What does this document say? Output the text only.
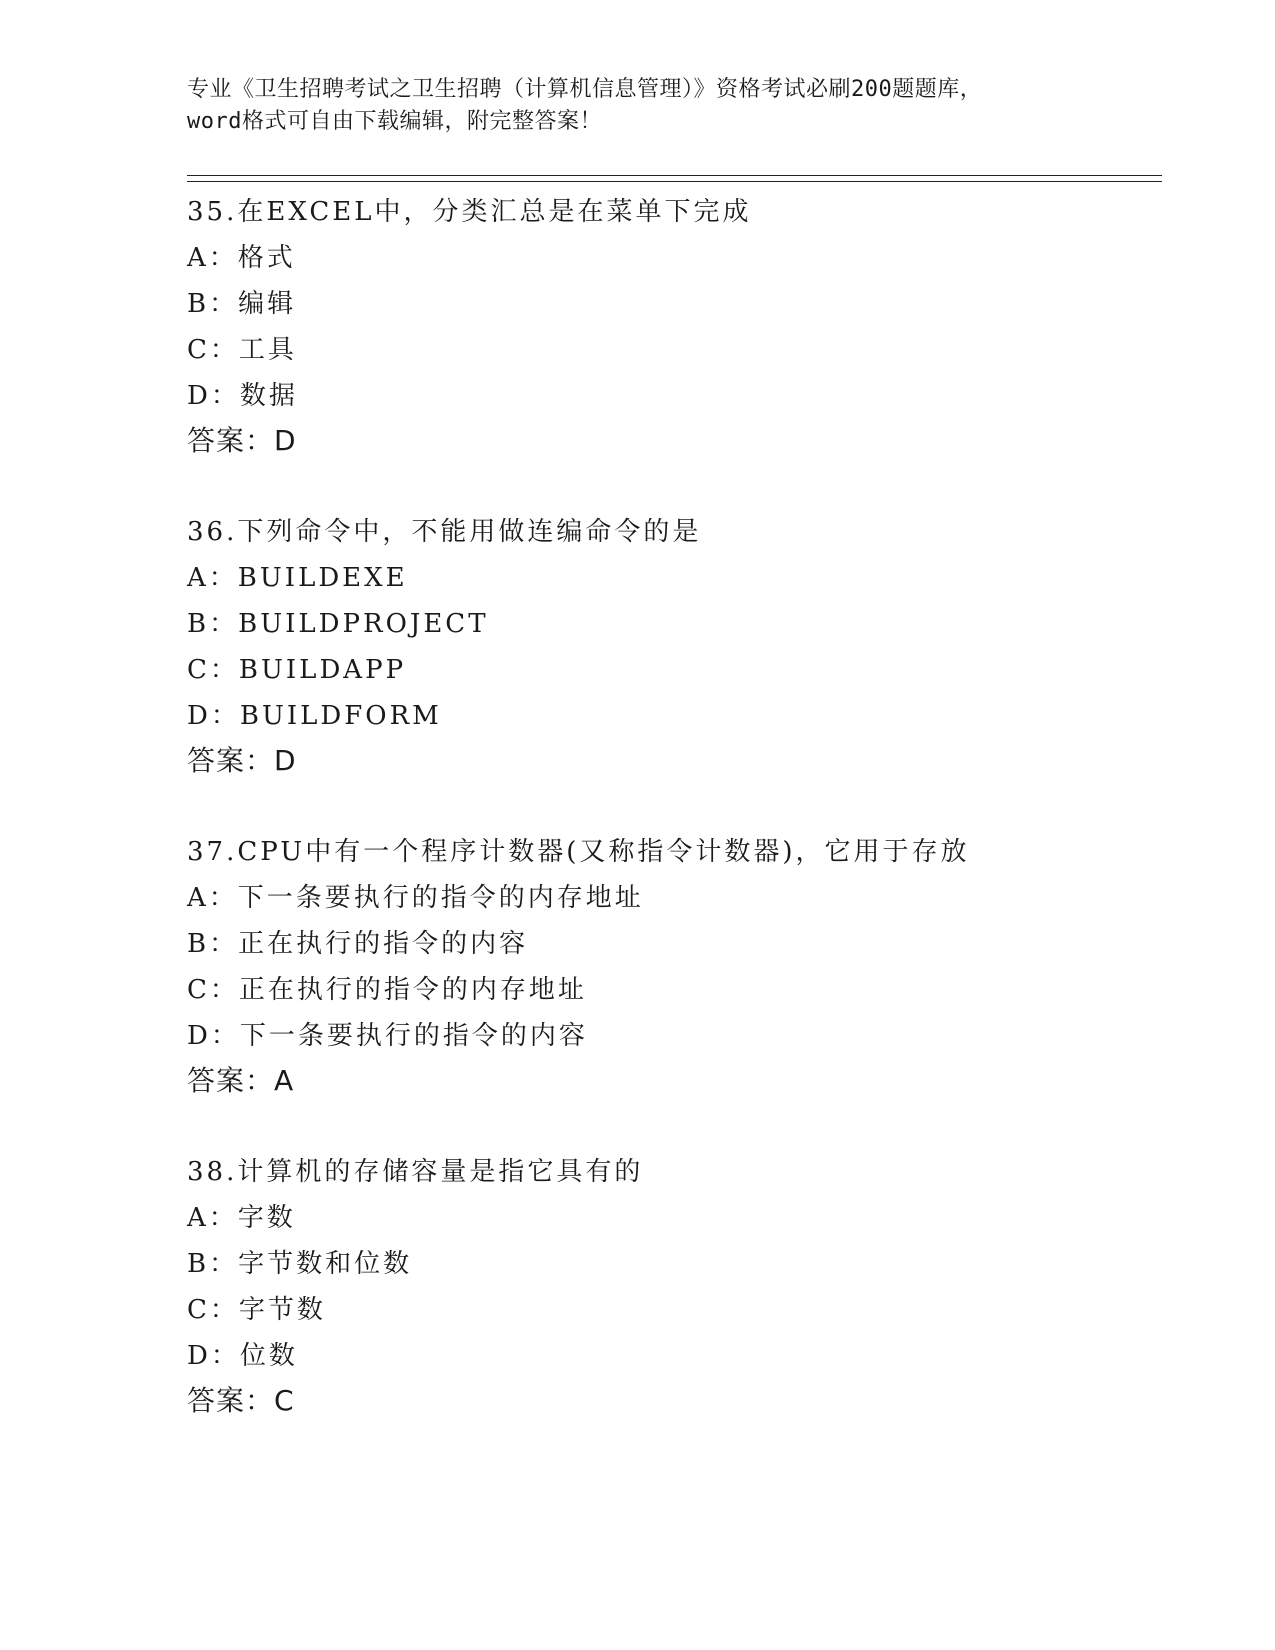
专业《卫生招聘考试之卫生招聘（计算机信息管理）》资格考试必刷200题题库，
word格式可自由下载编辑，附完整答案！
35.在EXCEL中，分类汇总是在菜单下完成
A：格式
B：编辑
C：工具
D：数据
答案：D
36.下列命令中，不能用做连编命令的是
A：BUILDEXE
B：BUILDPROJECT
C：BUILDAPP
D：BUILDFORM
答案：D
37.CPU中有一个程序计数器(又称指令计数器)，它用于存放
A：下一条要执行的指令的内存地址
B：正在执行的指令的内容
C：正在执行的指令的内存地址
D：下一条要执行的指令的内容
答案：A
38.计算机的存储容量是指它具有的
A：字数
B：字节数和位数
C：字节数
D：位数
答案：C
